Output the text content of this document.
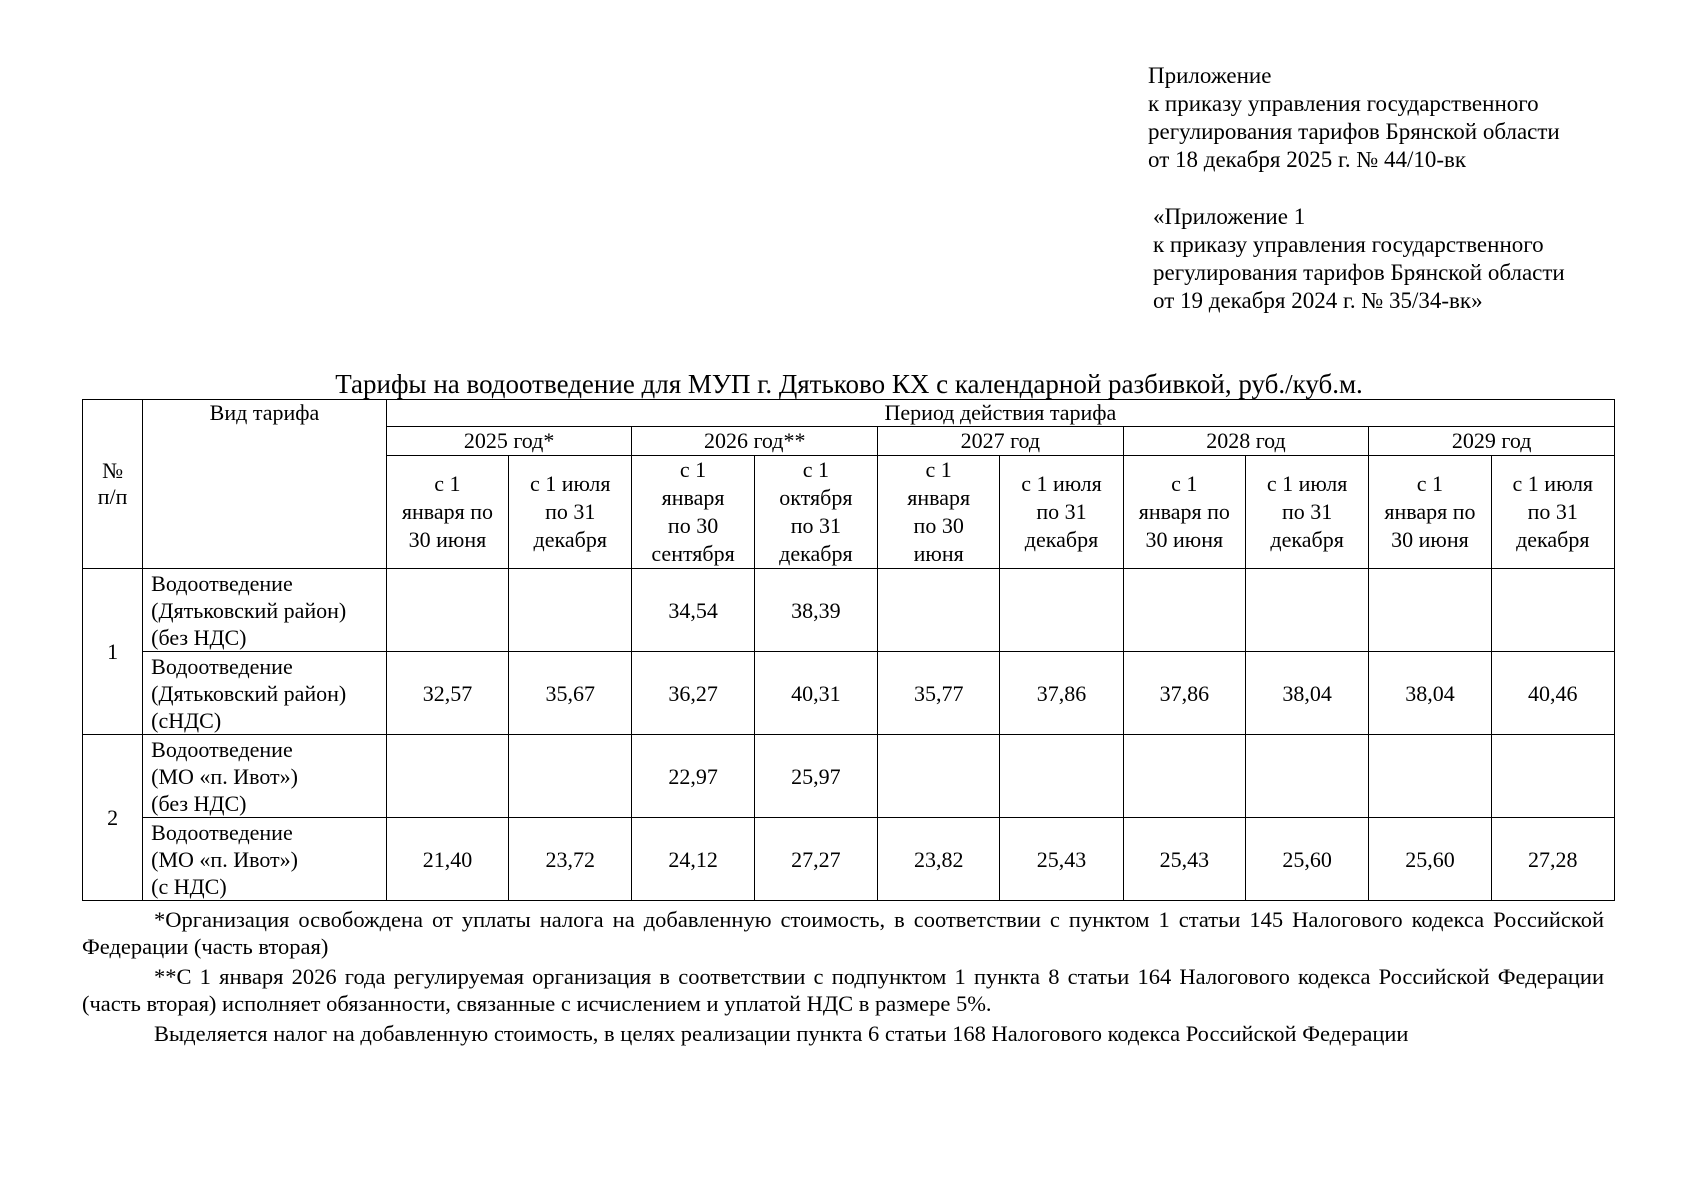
Приложение
к приказу управления государственного
регулирования тарифов Брянской области
от 18 декабря 2025 г. № 44/10-вк
«Приложение 1
к приказу управления государственного
регулирования тарифов Брянской области
от 19 декабря 2024 г. № 35/34-вк»
Тарифы на водоотведение для МУП г. Дятьково КХ с календарной разбивкой, руб./куб.м.
№
п/п	Вид тарифа	Период действия тарифа									
		2025 год*		2026 год**		2027 год		2028 год		2029 год	

		с 1
января по
30 июня	с 1 июля
по 31
декабря	с 1
января
по 30
сентября	с 1
октября
по 31
декабря	с 1
января
по 30
июня	с 1 июля
по 31
декабря	с 1
января по
30 июня	с 1 июля
по 31
декабря	с 1
января по
30 июня	с 1 июля
по 31
декабря

1	Водоотведение
(Дятьковский район)
(без НДС)			34,54	38,39						

	Водоотведение
(Дятьковский район)
(сНДС)	32,57	35,67	36,27	40,31	35,77	37,86	37,86	38,04	38,04	40,46
2	Водоотведение
(МО «п. Ивот»)
(без НДС)			22,97	25,97						

	Водоотведение
(МО «п. Ивот»)
(с НДС)	21,40	23,72	24,12	27,27	23,82	25,43	25,43	25,60	25,60	27,28

*Организация освобождена от уплаты налога на добавленную стоимость, в соответствии с пунктом 1 статьи 145 Налогового кодекса Российской Федерации (часть вторая)

**С 1 января 2026 года регулируемая организация в соответствии с подпунктом 1 пункта 8 статьи 164 Налогового кодекса Российской Федерации (часть вторая) исполняет обязанности, связанные с исчислением и уплатой НДС в размере 5%.

Выделяется налог на добавленную стоимость, в целях реализации пункта 6 статьи 168 Налогового кодекса Российской Федерации
